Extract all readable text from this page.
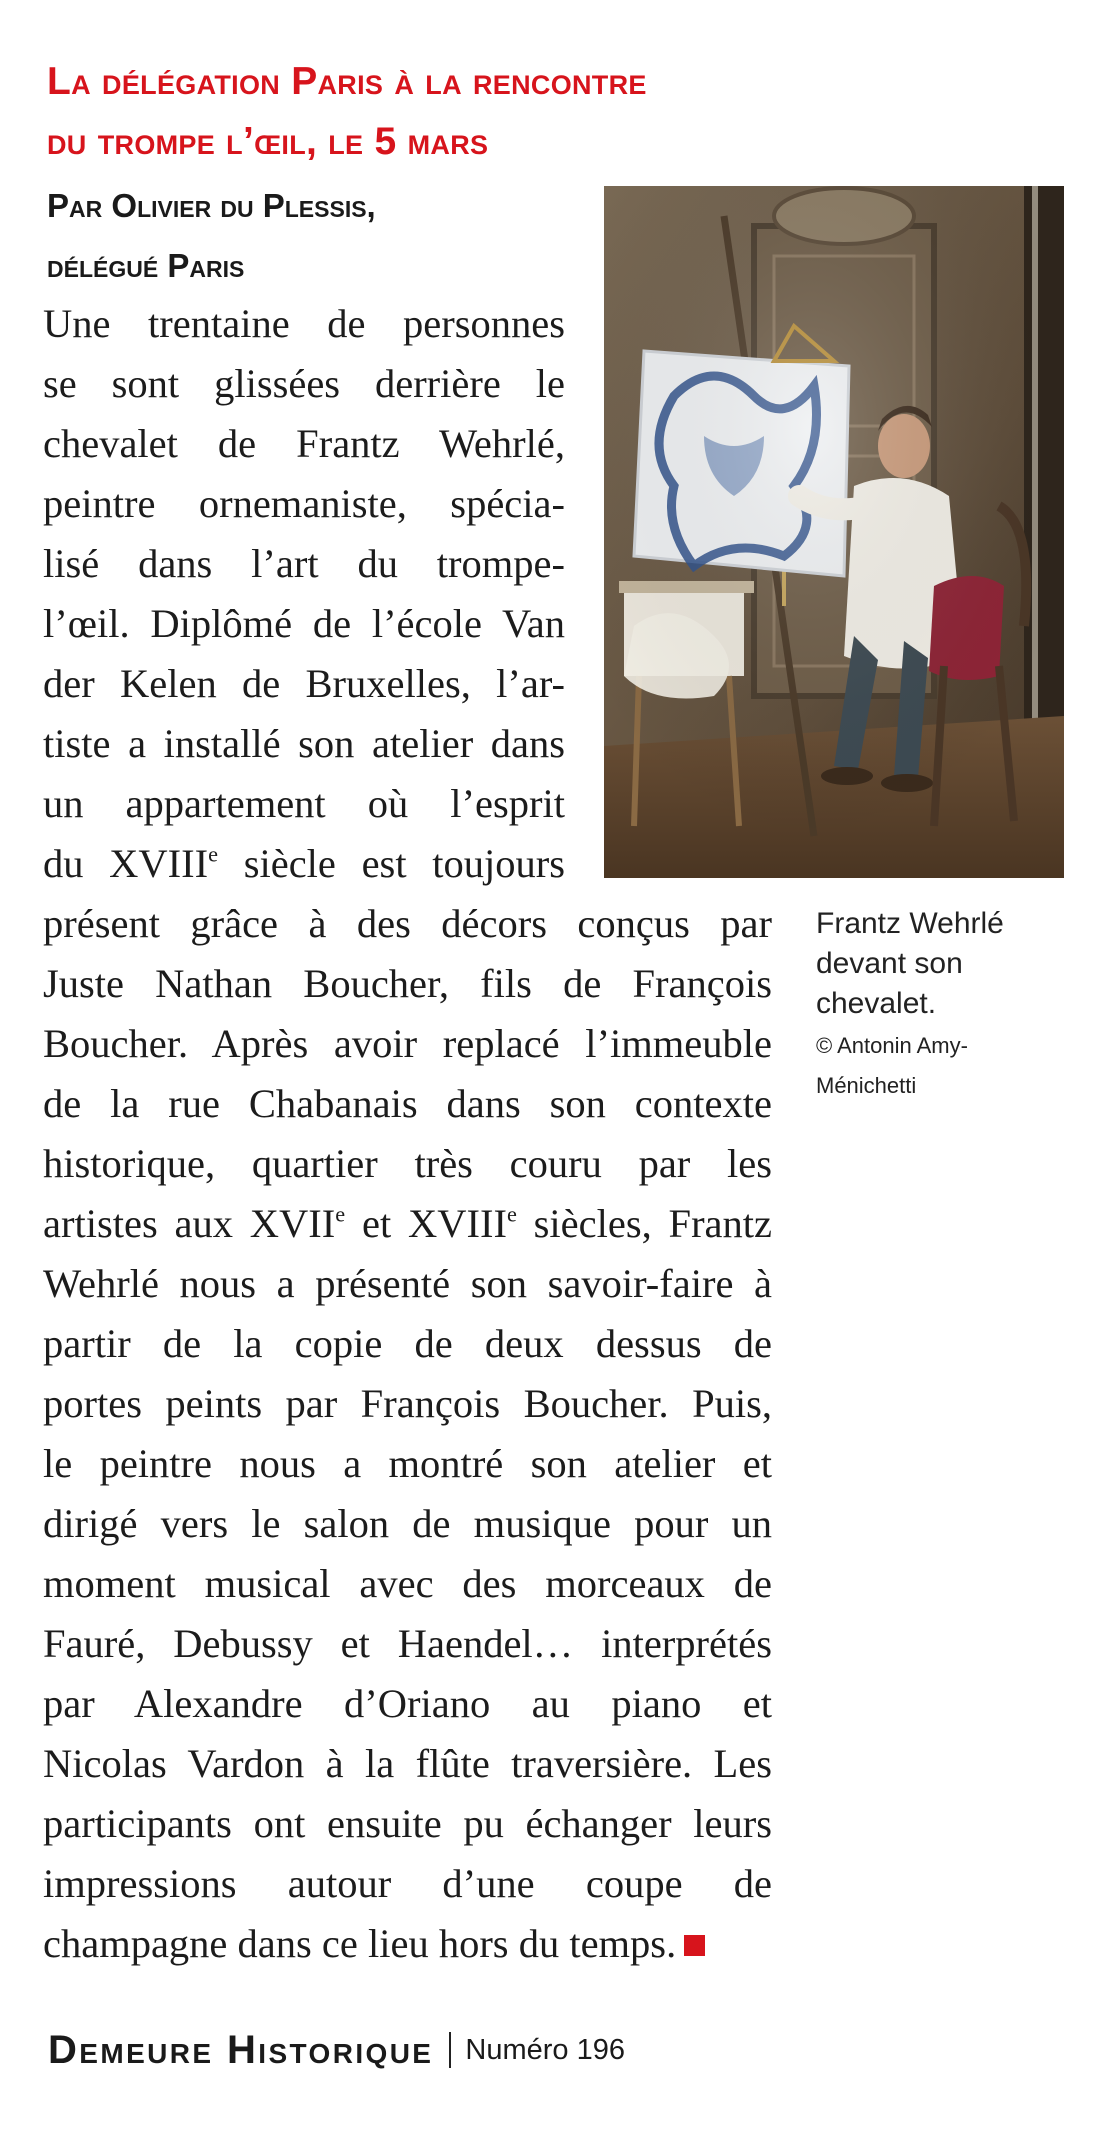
La délégation Paris à la rencontre
du trompe l’œil, le 5 mars
Par Olivier du Plessis,
délégué Paris
Frantz Wehrlé devant son chevalet.
© Antonin Amy-Ménichetti
Une trentaine de personnes
se sont glissées derrière le
chevalet de Frantz Wehrlé,
peintre ornemaniste, spécia-
lisé dans l’art du trompe-
l’œil. Diplômé de l’école Van
der Kelen de Bruxelles, l’ar-
tiste a installé son atelier dans
un appartement où l’esprit
du XVIIIe siècle est toujours
présent grâce à des décors conçus par
Juste Nathan Boucher, fils de François
Boucher. Après avoir replacé l’immeuble
de la rue Chabanais dans son contexte
historique, quartier très couru par les
artistes aux XVIIe et XVIIIe siècles, Frantz
Wehrlé nous a présenté son savoir-faire à
partir de la copie de deux dessus de
portes peints par François Boucher. Puis,
le peintre nous a montré son atelier et
dirigé vers le salon de musique pour un
moment musical avec des morceaux de
Fauré, Debussy et Haendel… interprétés
par Alexandre d’Oriano au piano et
Nicolas Vardon à la flûte traversière. Les
participants ont ensuite pu échanger leurs
impressions autour d’une coupe de
champagne dans ce lieu hors du temps.
Demeure Historique Numéro 196
